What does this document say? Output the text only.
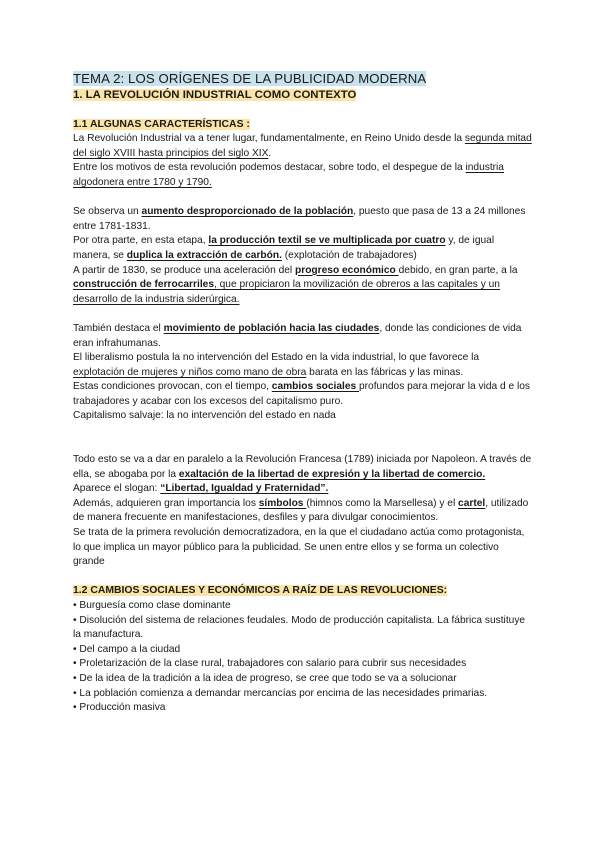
TEMA 2: LOS ORÍGENES DE LA PUBLICIDAD MODERNA
1. LA REVOLUCIÓN INDUSTRIAL COMO CONTEXTO
1.1 ALGUNAS CARACTERÍSTICAS :

La Revolución Industrial va a tener lugar, fundamentalmente, en Reino Unido desde la segunda mitad del siglo XVIII hasta principios del siglo XIX.

Entre los motivos de esta revolución podemos destacar, sobre todo, el despegue de la industria algodonera entre 1780 y 1790.

Se observa un aumento desproporcionado de la población, puesto que pasa de 13 a 24 millones entre 1781-1831.

Por otra parte, en esta etapa, la producción textil se ve multiplicada por cuatro y, de igual manera, se duplica la extracción de carbón. (explotación de trabajadores)

A partir de 1830, se produce una aceleración del progreso económico debido, en gran parte, a la construcción de ferrocarriles, que propiciaron la movilización de obreros a las capitales y un desarrollo de la industria siderúrgica.

También destaca el movimiento de población hacia las ciudades, donde las condiciones de vida eran infrahumanas.

El liberalismo postula la no intervención del Estado en la vida industrial, lo que favorece la explotación de mujeres y niños como mano de obra barata en las fábricas y las minas.

Estas condiciones provocan, con el tiempo, cambios sociales profundos para mejorar la vida d e los trabajadores y acabar con los excesos del capitalismo puro.

Capitalismo salvaje: la no intervención del estado en nada

Todo esto se va a dar en paralelo a la Revolución Francesa (1789) iniciada por Napoleon. A través de ella, se abogaba por la exaltación de la libertad de expresión y la libertad de comercio.

Aparece el slogan: “Libertad, Igualdad y Fraternidad”.

Además, adquieren gran importancia los símbolos (himnos como la Marsellesa) y el cartel, utilizado de manera frecuente en manifestaciones, desfiles y para divulgar conocimientos.

Se trata de la primera revolución democratizadora, en la que el ciudadano actúa como protagonista, lo que implica un mayor público para la publicidad. Se unen entre ellos y se forma un colectivo grande

1.2 CAMBIOS SOCIALES Y ECONÓMICOS A RAÍZ DE LAS REVOLUCIONES:

• Burguesía como clase dominante

• Disolución del sistema de relaciones feudales. Modo de producción capitalista. La fábrica sustituye la manufactura.

• Del campo a la ciudad

• Proletarización de la clase rural, trabajadores con salario para cubrir sus necesidades

• De la idea de la tradición a la idea de progreso, se cree que todo se va a solucionar

• La población comienza a demandar mercancías por encima de las necesidades primarias.

• Producción masiva
